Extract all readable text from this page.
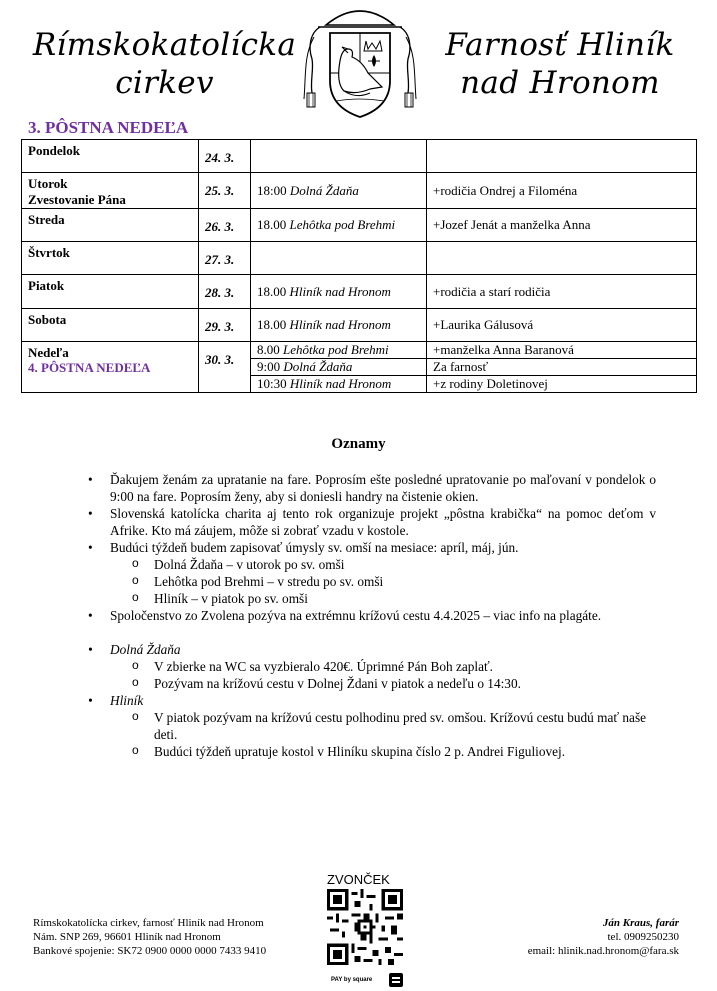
Rímskokatolícka
cirkev
Farnosť Hliník
nad Hronom
3. PÔSTNA NEDEĽA
Pondelok	24. 3.		

Utorok
Zvestovanie Pána	25. 3.	18:00 Dolná Ždaňa	+rodičia Ondrej a Filoména
Streda	26. 3.	18.00 Lehôtka pod Brehmi	+Jozef Jenát a manželka Anna
Štvrtok	27. 3.		
Piatok	28. 3.	18.00 Hliník nad Hronom	+rodičia a starí rodičia
Sobota	29. 3.	18.00 Hliník nad Hronom	+Laurika Gálusová

Nedeľa
4. PÔSTNA NEDEĽA	30. 3.	8.00 Lehôtka pod Brehmi	+manželka Anna Baranová
		9:00 Dolná Ždaňa	Za farnosť
		10:30 Hliník nad Hronom	+z rodiny Doletinovej
Oznamy
• Ďakujem ženám za upratanie na fare. Poprosím ešte posledné upratovanie po maľovaní v pondelok o 9:00 na fare. Poprosím ženy, aby si doniesli handry na čistenie okien.
• Slovenská katolícka charita aj tento rok organizuje projekt „pôstna krabička“ na pomoc deťom v Afrike. Kto má záujem, môže si zobrať vzadu v kostole.
• Budúci týždeň budem zapisovať úmysly sv. omší na mesiace: apríl, máj, jún.
o Dolná Ždaňa – v utorok po sv. omši
o Lehôtka pod Brehmi – v stredu po sv. omši
o Hliník – v piatok po sv. omši
• Spoločenstvo zo Zvolena pozýva na extrémnu krížovú cestu 4.4.2025 – viac info na plagáte.
• Dolná Ždaňa
o V zbierke na WC sa vyzbieralo 420€. Úprimné Pán Boh zaplať.
o Pozývam na krížovú cestu v Dolnej Ždani v piatok a nedeľu o 14:30.
• Hliník
o V piatok pozývam na krížovú cestu polhodinu pred sv. omšou. Krížovú cestu budú mať naše deti.
o Budúci týždeň upratuje kostol v Hliníku skupina číslo 2 p. Andrei Figuliovej.
ZVONČEK
PAY by square
Rímskokatolícka cirkev, farnosť Hliník nad Hronom
Nám. SNP 269, 96601 Hliník nad Hronom
Bankové spojenie: SK72 0900 0000 0000 7433 9410
Ján Kraus, farár
tel. 0909250230
email: hlinik.nad.hronom@fara.sk
